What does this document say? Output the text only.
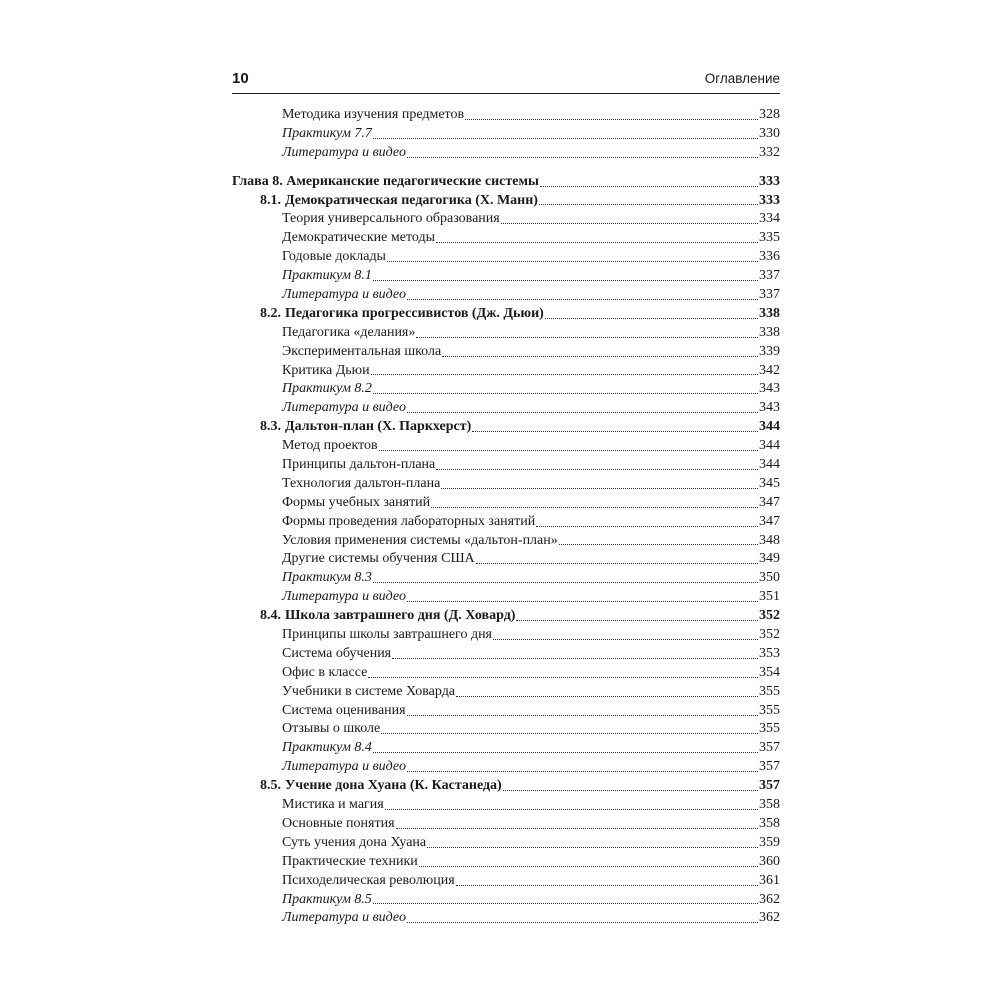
10	Оглавление
Методика изучения предметов	328
Практикум 7.7	330
Литература и видео	332
Глава 8. Американские педагогические системы	333
8.1. Демократическая педагогика (Х. Манн)	333
Теория универсального образования	334
Демократические методы	335
Годовые доклады	336
Практикум 8.1	337
Литература и видео	337
8.2. Педагогика прогрессивистов (Дж. Дьюи)	338
Педагогика «делания»	338
Экспериментальная школа	339
Критика Дьюи	342
Практикум 8.2	343
Литература и видео	343
8.3. Дальтон-план (Х. Паркхерст)	344
Метод проектов	344
Принципы дальтон-плана	344
Технология дальтон-плана	345
Формы учебных занятий	347
Формы проведения лабораторных занятий	347
Условия применения системы «дальтон-план»	348
Другие системы обучения США	349
Практикум 8.3	350
Литература и видео	351
8.4. Школа завтрашнего дня (Д. Ховард)	352
Принципы школы завтрашнего дня	352
Система обучения	353
Офис в классе	354
Учебники в системе Ховарда	355
Система оценивания	355
Отзывы о школе	355
Практикум 8.4	357
Литература и видео	357
8.5. Учение дона Хуана (К. Кастанеда)	357
Мистика и магия	358
Основные понятия	358
Суть учения дона Хуана	359
Практические техники	360
Психоделическая революция	361
Практикум 8.5	362
Литература и видео	362
